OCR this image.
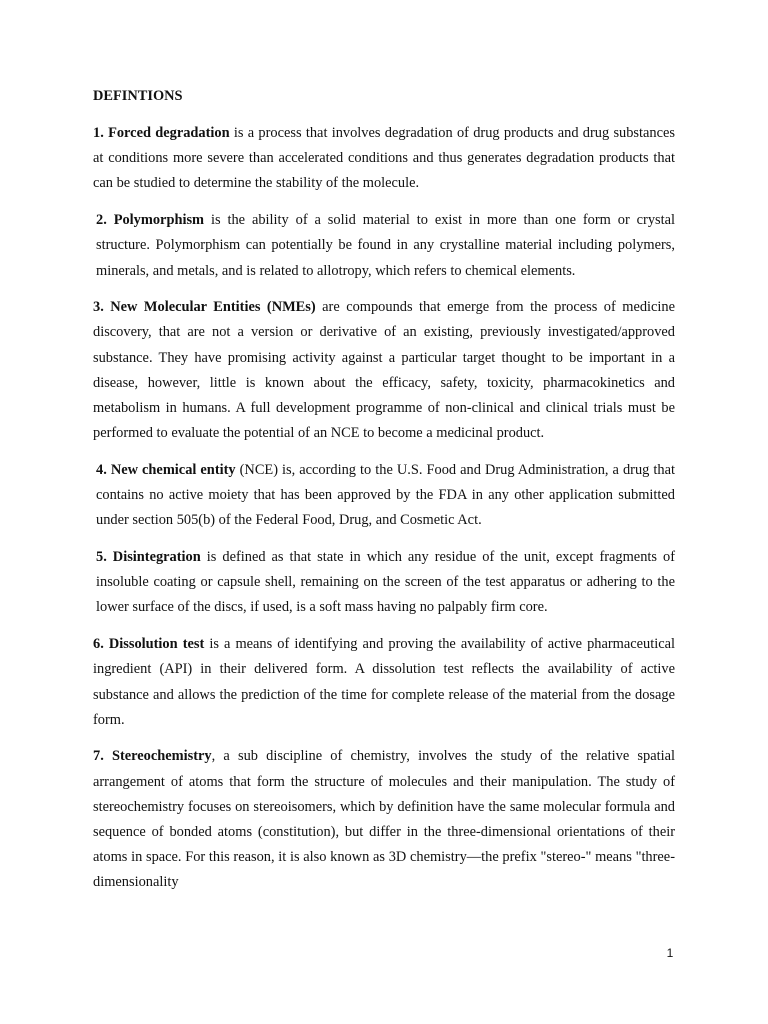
DEFINTIONS

1. Forced degradation is a process that involves degradation of drug products and drug substances at conditions more severe than accelerated conditions and thus generates degradation products that can be studied to determine the stability of the molecule.

2. Polymorphism is the ability of a solid material to exist in more than one form or crystal structure. Polymorphism can potentially be found in any crystalline material including polymers, minerals, and metals, and is related to allotropy, which refers to chemical elements.

3. New Molecular Entities (NMEs) are compounds that emerge from the process of medicine discovery, that are not a version or derivative of an existing, previously investigated/approved substance. They have promising activity against a particular target thought to be important in a disease, however, little is known about the efficacy, safety, toxicity, pharmacokinetics and metabolism in humans. A full development programme of non-clinical and clinical trials must be performed to evaluate the potential of an NCE to become a medicinal product.

4. New chemical entity (NCE) is, according to the U.S. Food and Drug Administration, a drug that contains no active moiety that has been approved by the FDA in any other application submitted under section 505(b) of the Federal Food, Drug, and Cosmetic Act.

5. Disintegration is defined as that state in which any residue of the unit, except fragments of insoluble coating or capsule shell, remaining on the screen of the test apparatus or adhering to the lower surface of the discs, if used, is a soft mass having no palpably firm core.

6. Dissolution test is a means of identifying and proving the availability of active pharmaceutical ingredient (API) in their delivered form. A dissolution test reflects the availability of active substance and allows the prediction of the time for complete release of the material from the dosage form.

7. Stereochemistry, a sub discipline of chemistry, involves the study of the relative spatial arrangement of atoms that form the structure of molecules and their manipulation. The study of stereochemistry focuses on stereoisomers, which by definition have the same molecular formula and sequence of bonded atoms (constitution), but differ in the three-dimensional orientations of their atoms in space. For this reason, it is also known as 3D chemistry—the prefix "stereo-" means "three-dimensionality

1
